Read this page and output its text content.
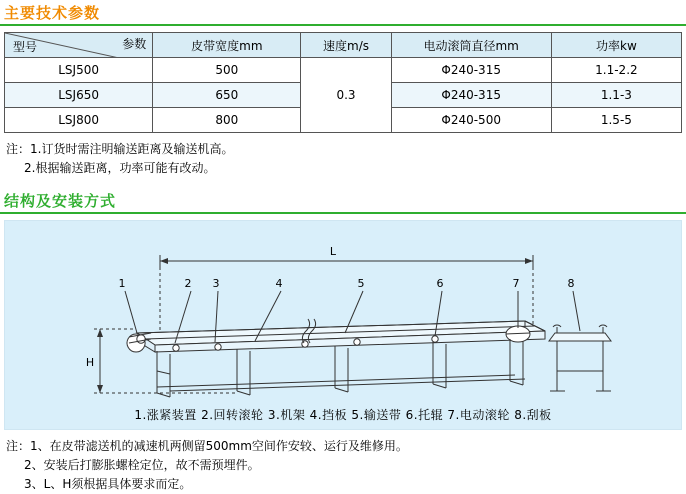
主要技术参数
参数
型号	皮带宽度mm	速度m/s	电动滚筒直径mm	功率kw
LSJ500	500	0.3	Φ240-315	1.1-2.2
LSJ650	650		Φ240-315	1.1-3
LSJ800	800		Φ240-500	1.5-5
注：1.订货时需注明输送距离及输送机高。
2.根据输送距离，功率可能有改动。
结构及安装方式
1	2 3	4	5	6	7	8
L
H
1.涨紧装置 2.回转滚轮 3.机架 4.挡板 5.输送带 6.托辊 7.电动滚轮 8.刮板
注：1、在皮带滤送机的减速机两侧留500mm空间作安较、运行及维修用。
2、安装后打膨胀螺栓定位，故不需预埋件。
3、L、H须根据具体要求而定。
